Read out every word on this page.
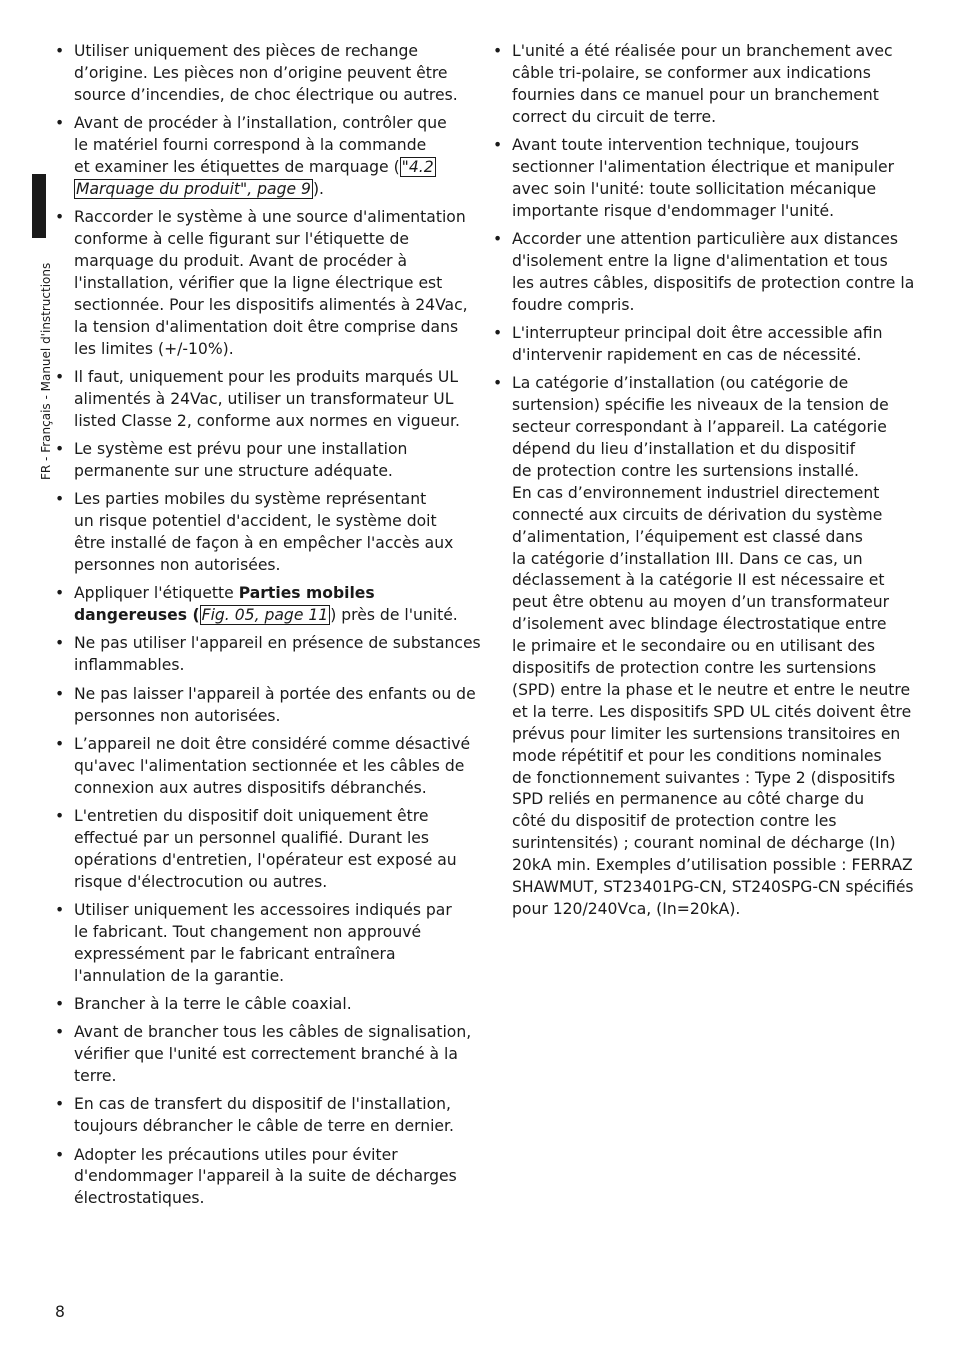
FR - Français - Manuel d'instructions
• Utiliser uniquement des pièces de rechange d’origine. Les pièces non d’origine peuvent être source d’incendies, de choc électrique ou autres.
• Avant de procéder à l’installation, contrôler que le matériel fourni correspond à la commande et examiner les étiquettes de marquage ( "4.2 Marquage du produit", page 9 ).
• Raccorder le système à une source d'alimentation conforme à celle figurant sur l'étiquette de marquage du produit. Avant de procéder à l'installation, vérifier que la ligne électrique est sectionnée. Pour les dispositifs alimentés à 24Vac, la tension d'alimentation doit être comprise dans les limites (+/-10%).
• Il faut, uniquement pour les produits marqués UL alimentés à 24Vac, utiliser un transformateur UL listed Classe 2, conforme aux normes en vigueur.
• Le système est prévu pour une installation permanente sur une structure adéquate.
• Les parties mobiles du système représentant un risque potentiel d'accident, le système doit être installé de façon à en empêcher l'accès aux personnes non autorisées.
• Appliquer l'étiquette Parties mobiles dangereuses ( Fig. 05, page 11 ) près de l'unité.
• Ne pas utiliser l'appareil en présence de substances inflammables.
• Ne pas laisser l'appareil à portée des enfants ou de personnes non autorisées.
• L’appareil ne doit être considéré comme désactivé qu'avec l'alimentation sectionnée et les câbles de connexion aux autres dispositifs débranchés.
• L'entretien du dispositif doit uniquement être effectué par un personnel qualifié. Durant les opérations d'entretien, l'opérateur est exposé au risque d'électrocution ou autres.
• Utiliser uniquement les accessoires indiqués par le fabricant. Tout changement non approuvé expressément par le fabricant entraînera l'annulation de la garantie.
• Brancher à la terre le câble coaxial.
• Avant de brancher tous les câbles de signalisation, vérifier que l'unité est correctement branché à la terre.
• En cas de transfert du dispositif de l'installation, toujours débrancher le câble de terre en dernier.
• Adopter les précautions utiles pour éviter d'endommager l'appareil à la suite de décharges électrostatiques.
• L'unité a été réalisée pour un branchement avec câble tri-polaire, se conformer aux indications fournies dans ce manuel pour un branchement correct du circuit de terre.
• Avant toute intervention technique, toujours sectionner l'alimentation électrique et manipuler avec soin l'unité: toute sollicitation mécanique importante risque d'endommager l'unité.
• Accorder une attention particulière aux distances d'isolement entre la ligne d'alimentation et tous les autres câbles, dispositifs de protection contre la foudre compris.
• L'interrupteur principal doit être accessible afin d'intervenir rapidement en cas de nécessité.
• La catégorie d’installation (ou catégorie de surtension) spécifie les niveaux de la tension de secteur correspondant à l’appareil. La catégorie dépend du lieu d’installation et du dispositif de protection contre les surtensions installé. En cas d’environnement industriel directement connecté aux circuits de dérivation du système d’alimentation, l’équipement est classé dans la catégorie d’installation III. Dans ce cas, un déclassement à la catégorie II est nécessaire et peut être obtenu au moyen d’un transformateur d’isolement avec blindage électrostatique entre le primaire et le secondaire ou en utilisant des dispositifs de protection contre les surtensions (SPD) entre la phase et le neutre et entre le neutre et la terre. Les dispositifs SPD UL cités doivent être prévus pour limiter les surtensions transitoires en mode répétitif et pour les conditions nominales de fonctionnement suivantes : Type 2 (dispositifs SPD reliés en permanence au côté charge du côté du dispositif de protection contre les surintensités) ; courant nominal de décharge (In) 20kA min. Exemples d’utilisation possible : FERRAZ SHAWMUT, ST23401PG-CN, ST240SPG-CN spécifiés pour 120/240Vca, (In=20kA).
8
